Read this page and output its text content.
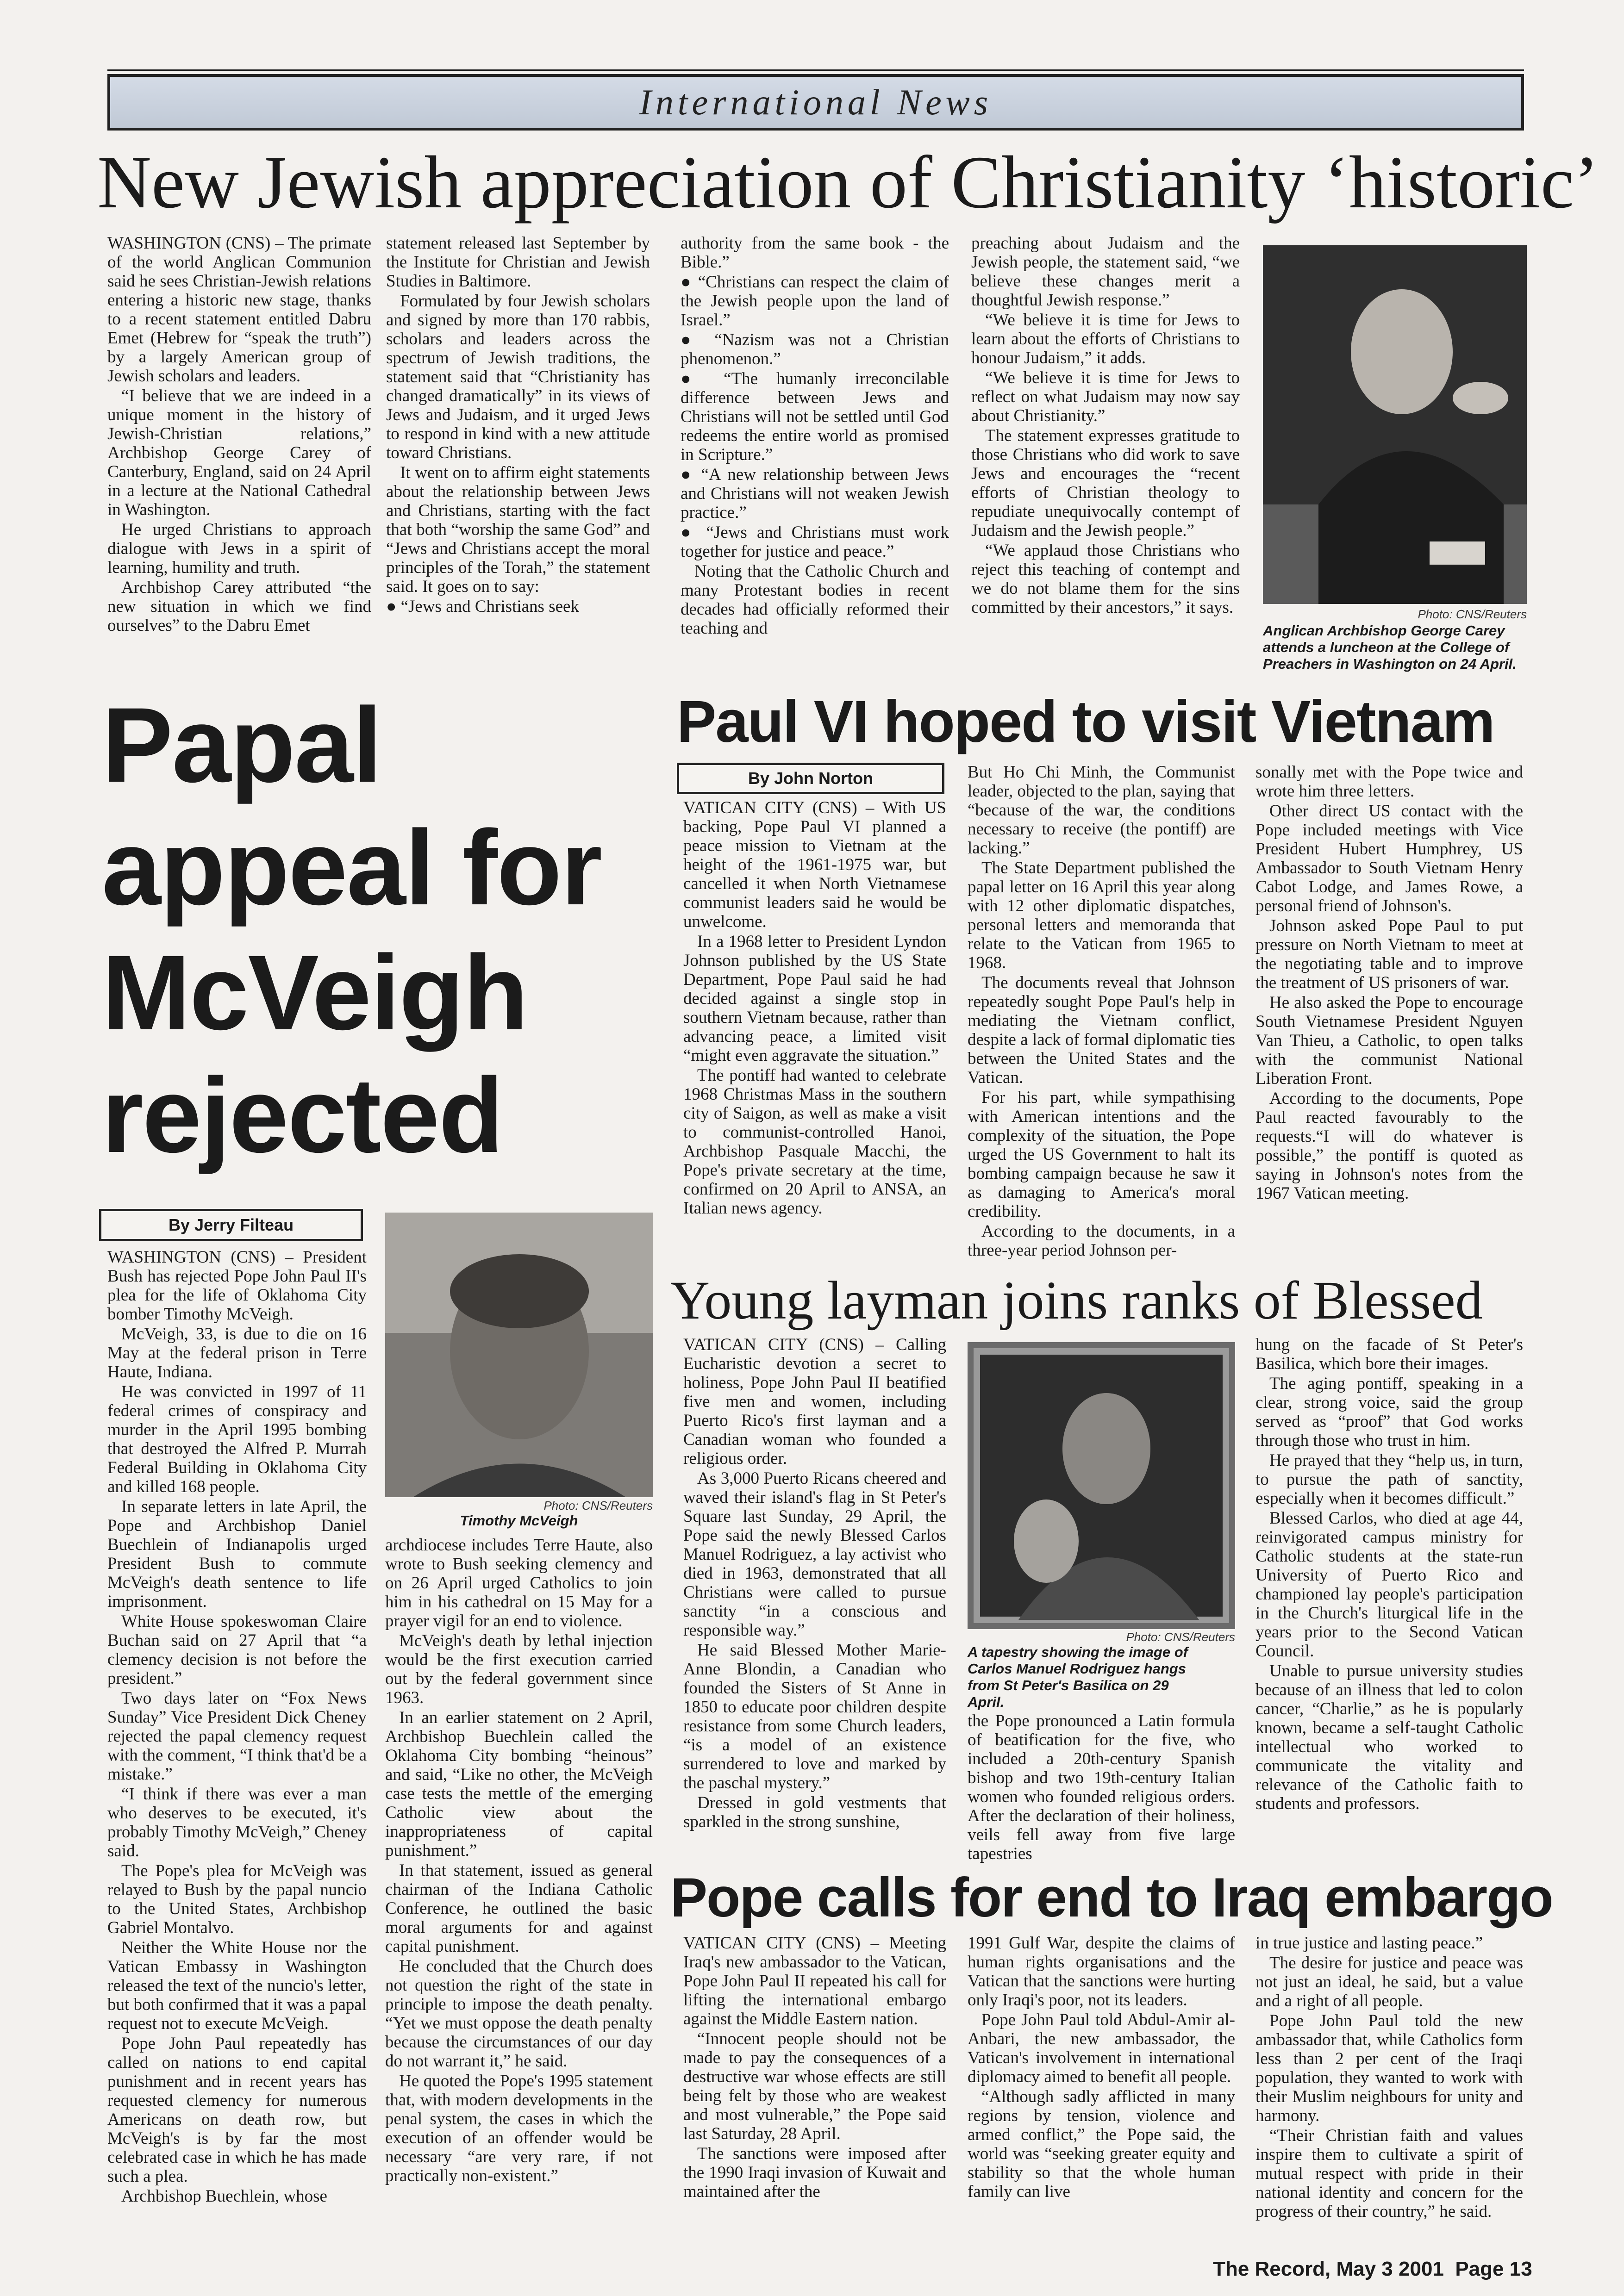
International News
New Jewish appreciation of Christianity ‘historic’

WASHINGTON (CNS) – The primate of the world Anglican Communion said he sees Christian-Jewish relations entering a historic new stage, thanks to a recent statement entitled Dabru Emet (Hebrew for “speak the truth”) by a largely American group of Jewish scholars and leaders.

“I believe that we are indeed in a unique moment in the history of Jewish-Christian relations,” Archbishop George Carey of Canterbury, England, said on 24 April in a lecture at the National Cathedral in Washington.

He urged Christians to approach dialogue with Jews in a spirit of learning, humility and truth.

Archbishop Carey attributed “the new situation in which we find ourselves” to the Dabru Emet

statement released last September by the Institute for Christian and Jewish Studies in Baltimore.

Formulated by four Jewish scholars and signed by more than 170 rabbis, scholars and leaders across the spectrum of Jewish traditions, the statement said that “Christianity has changed dramatically” in its views of Jews and Judaism, and it urged Jews to respond in kind with a new attitude toward Christians.

It went on to affirm eight statements about the relationship between Jews and Christians, starting with the fact that both “worship the same God” and “Jews and Christians accept the moral principles of the Torah,” the statement said. It goes on to say:

● “Jews and Christians seek

authority from the same book - the Bible.”

● “Christians can respect the claim of the Jewish people upon the land of Israel.”

● “Nazism was not a Christian phenomenon.”

● “The humanly irreconcilable difference between Jews and Christians will not be settled until God redeems the entire world as promised in Scripture.”

● “A new relationship between Jews and Christians will not weaken Jewish practice.”

● “Jews and Christians must work together for justice and peace.”

Noting that the Catholic Church and many Protestant bodies in recent decades had officially reformed their teaching and

preaching about Judaism and the Jewish people, the statement said, “we believe these changes merit a thoughtful Jewish response.”

“We believe it is time for Jews to learn about the efforts of Christians to honour Judaism,” it adds.

“We believe it is time for Jews to reflect on what Judaism may now say about Christianity.”

The statement expresses gratitude to those Christians who did work to save Jews and encourages the “recent efforts of Christian theology to repudiate unequivocally contempt of Judaism and the Jewish people.”

“We applaud those Christians who reject this teaching of contempt and we do not blame them for the sins committed by their ancestors,” it says.	Photo: CNS/Reuters
Anglican Archbishop George Carey attends a luncheon at the College of Preachers in Washington on 24 April.
Papal
appeal for
McVeigh
rejected
By Jerry Filteau

WASHINGTON (CNS) – President Bush has rejected Pope John Paul II's plea for the life of Oklahoma City bomber Timothy McVeigh.

McVeigh, 33, is due to die on 16 May at the federal prison in Terre Haute, Indiana.

He was convicted in 1997 of 11 federal crimes of conspiracy and murder in the April 1995 bombing that destroyed the Alfred P. Murrah Federal Building in Oklahoma City and killed 168 people.

In separate letters in late April, the Pope and Archbishop Daniel Buechlein of Indianapolis urged President Bush to commute McVeigh's death sentence to life imprisonment.

White House spokeswoman Claire Buchan said on 27 April that “a clemency decision is not before the president.”

Two days later on “Fox News Sunday” Vice President Dick Cheney rejected the papal clemency request with the comment, “I think that'd be a mistake.”

“I think if there was ever a man who deserves to be executed, it's probably Timothy McVeigh,” Cheney said.

The Pope's plea for McVeigh was relayed to Bush by the papal nuncio to the United States, Archbishop Gabriel Montalvo.

Neither the White House nor the Vatican Embassy in Washington released the text of the nuncio's letter, but both confirmed that it was a papal request not to execute McVeigh.

Pope John Paul repeatedly has called on nations to end capital punishment and in recent years has requested clemency for numerous Americans on death row, but McVeigh's is by far the most celebrated case in which he has made such a plea.

Archbishop Buechlein, whose

Photo: CNS/Reuters
Timothy McVeigh

archdiocese includes Terre Haute, also wrote to Bush seeking clemency and on 26 April urged Catholics to join him in his cathedral on 15 May for a prayer vigil for an end to violence.

McVeigh's death by lethal injection would be the first execution carried out by the federal government since 1963.

In an earlier statement on 2 April, Archbishop Buechlein called the Oklahoma City bombing “heinous” and said, “Like no other, the McVeigh case tests the mettle of the emerging Catholic view about the inappropriateness of capital punishment.”

In that statement, issued as general chairman of the Indiana Catholic Conference, he outlined the basic moral arguments for and against capital punishment.

He concluded that the Church does not question the right of the state in principle to impose the death penalty. “Yet we must oppose the death penalty because the circumstances of our day do not warrant it,” he said.

He quoted the Pope's 1995 statement that, with modern developments in the penal system, the cases in which the execution of an offender would be necessary “are very rare, if not practically non-existent.”

Paul VI hoped to visit Vietnam
By John Norton

VATICAN CITY (CNS) – With US backing, Pope Paul VI planned a peace mission to Vietnam at the height of the 1961-1975 war, but cancelled it when North Vietnamese communist leaders said he would be unwelcome.

In a 1968 letter to President Lyndon Johnson published by the US State Department, Pope Paul said he had decided against a single stop in southern Vietnam because, rather than advancing peace, a limited visit “might even aggravate the situation.”

The pontiff had wanted to celebrate 1968 Christmas Mass in the southern city of Saigon, as well as make a visit to communist-controlled Hanoi, Archbishop Pasquale Macchi, the Pope's private secretary at the time, confirmed on 20 April to ANSA, an Italian news agency.

But Ho Chi Minh, the Communist leader, objected to the plan, saying that “because of the war, the conditions necessary to receive (the pontiff) are lacking.”

The State Department published the papal letter on 16 April this year along with 12 other diplomatic dispatches, personal letters and memoranda that relate to the Vatican from 1965 to 1968.

The documents reveal that Johnson repeatedly sought Pope Paul's help in mediating the Vietnam conflict, despite a lack of formal diplomatic ties between the United States and the Vatican.

For his part, while sympathising with American intentions and the complexity of the situation, the Pope urged the US Government to halt its bombing campaign because he saw it as damaging to America's moral credibility.

According to the documents, in a three-year period Johnson per-

sonally met with the Pope twice and wrote him three letters.

Other direct US contact with the Pope included meetings with Vice President Hubert Humphrey, US Ambassador to South Vietnam Henry Cabot Lodge, and James Rowe, a personal friend of Johnson's.

Johnson asked Pope Paul to put pressure on North Vietnam to meet at the negotiating table and to improve the treatment of US prisoners of war.

He also asked the Pope to encourage South Vietnamese President Nguyen Van Thieu, a Catholic, to open talks with the communist National Liberation Front.

According to the documents, Pope Paul reacted favourably to the requests.“I will do whatever is possible,” the pontiff is quoted as saying in Johnson's notes from the 1967 Vatican meeting.

Young layman joins ranks of Blessed

VATICAN CITY (CNS) – Calling Eucharistic devotion a secret to holiness, Pope John Paul II beatified five men and women, including Puerto Rico's first layman and a Canadian woman who founded a religious order.

As 3,000 Puerto Ricans cheered and waved their island's flag in St Peter's Square last Sunday, 29 April, the Pope said the newly Blessed Carlos Manuel Rodriguez, a lay activist who died in 1963, demonstrated that all Christians were called to pursue sanctity “in a conscious and responsible way.”

He said Blessed Mother Marie-Anne Blondin, a Canadian who founded the Sisters of St Anne in 1850 to educate poor children despite resistance from some Church leaders, “is a model of an existence surrendered to love and marked by the paschal mystery.”

Dressed in gold vestments that sparkled in the strong sunshine,

Photo: CNS/Reuters
A tapestry showing the image of Carlos Manuel Rodriguez hangs from St Peter's Basilica on 29 April.

the Pope pronounced a Latin formula of beatification for the five, who included a 20th-century Spanish bishop and two 19th-century Italian women who founded religious orders. After the declaration of their holiness, veils fell away from five large tapestries

hung on the facade of St Peter's Basilica, which bore their images.

The aging pontiff, speaking in a clear, strong voice, said the group served as “proof” that God works through those who trust in him.

He prayed that they “help us, in turn, to pursue the path of sanctity, especially when it becomes difficult.”

Blessed Carlos, who died at age 44, reinvigorated campus ministry for Catholic students at the state-run University of Puerto Rico and championed lay people's participation in the Church's liturgical life in the years prior to the Second Vatican Council.

Unable to pursue university studies because of an illness that led to colon cancer, “Charlie,” as he is popularly known, became a self-taught Catholic intellectual who worked to communicate the vitality and relevance of the Catholic faith to students and professors.

Pope calls for end to Iraq embargo

VATICAN CITY (CNS) – Meeting Iraq's new ambassador to the Vatican, Pope John Paul II repeated his call for lifting the international embargo against the Middle Eastern nation.

“Innocent people should not be made to pay the consequences of a destructive war whose effects are still being felt by those who are weakest and most vulnerable,” the Pope said last Saturday, 28 April.

The sanctions were imposed after the 1990 Iraqi invasion of Kuwait and maintained after the

1991 Gulf War, despite the claims of human rights organisations and the Vatican that the sanctions were hurting only Iraqi's poor, not its leaders.

Pope John Paul told Abdul-Amir al-Anbari, the new ambassador, the Vatican's involvement in international diplomacy aimed to benefit all people.

“Although sadly afflicted in many regions by tension, violence and armed conflict,” the Pope said, the world was “seeking greater equity and stability so that the whole human family can live

in true justice and lasting peace.”

The desire for justice and peace was not just an ideal, he said, but a value and a right of all people.

Pope John Paul told the new ambassador that, while Catholics form less than 2 per cent of the Iraqi population, they wanted to work with their Muslim neighbours for unity and harmony.

“Their Christian faith and values inspire them to cultivate a spirit of mutual respect with pride in their national identity and concern for the progress of their country,” he said.

The Record, May 3 2001  Page 13
